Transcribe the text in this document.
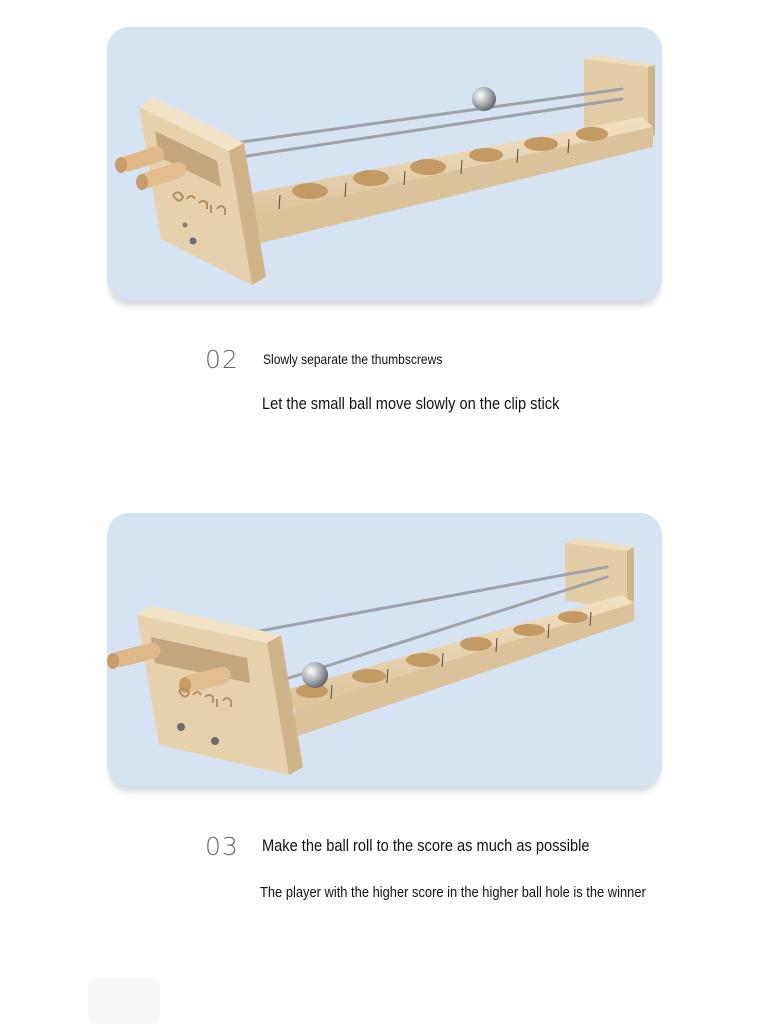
02 Slowly separate the thumbscrews
Let the small ball move slowly on the clip stick
03 Make the ball roll to the score as much as possible
The player with the higher score in the higher ball hole is the winner
